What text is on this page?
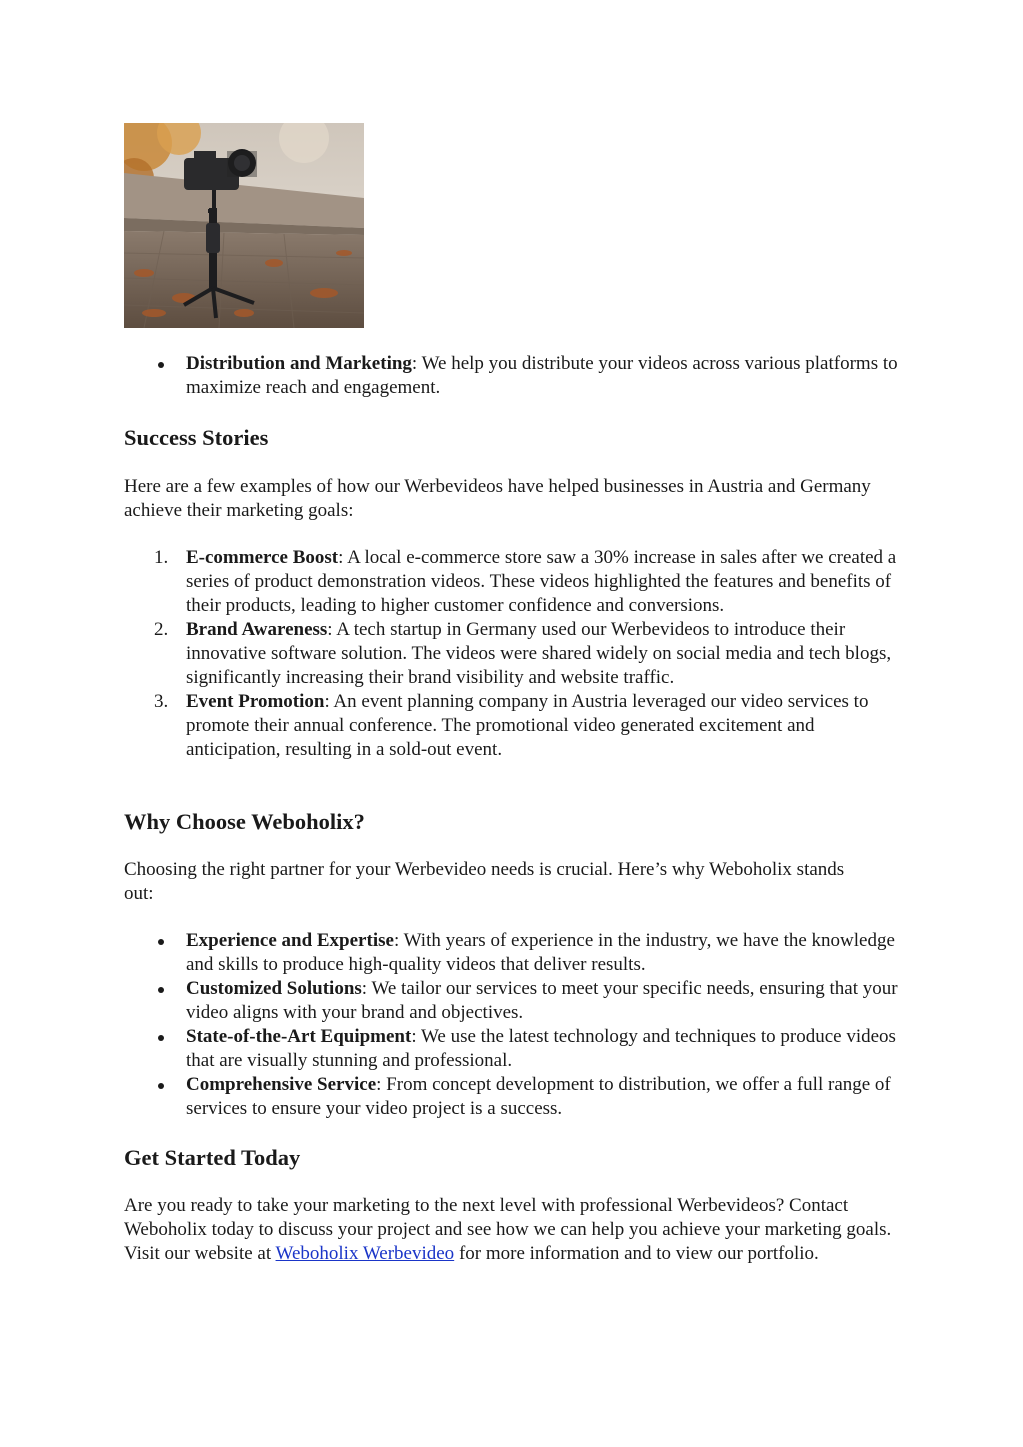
Distribution and Marketing: We help you distribute your videos across various platforms to maximize reach and engagement.
Success Stories

Here are a few examples of how our Werbevideos have helped businesses in Austria and Germany achieve their marketing goals:

1. E-commerce Boost: A local e-commerce store saw a 30% increase in sales after we created a series of product demonstration videos. These videos highlighted the features and benefits of their products, leading to higher customer confidence and conversions.
2. Brand Awareness: A tech startup in Germany used our Werbevideos to introduce their innovative software solution. The videos were shared widely on social media and tech blogs, significantly increasing their brand visibility and website traffic.
3. Event Promotion: An event planning company in Austria leveraged our video services to promote their annual conference. The promotional video generated excitement and anticipation, resulting in a sold-out event.
Why Choose Weboholix?

Choosing the right partner for your Werbevideo needs is crucial. Here’s why Weboholix stands out:

Experience and Expertise: With years of experience in the industry, we have the knowledge and skills to produce high-quality videos that deliver results.
Customized Solutions: We tailor our services to meet your specific needs, ensuring that your video aligns with your brand and objectives.
State-of-the-Art Equipment: We use the latest technology and techniques to produce videos that are visually stunning and professional.
Comprehensive Service: From concept development to distribution, we offer a full range of services to ensure your video project is a success.
Get Started Today

Are you ready to take your marketing to the next level with professional Werbevideos? Contact Weboholix today to discuss your project and see how we can help you achieve your marketing goals. Visit our website at Weboholix Werbevideo for more information and to view our portfolio.
